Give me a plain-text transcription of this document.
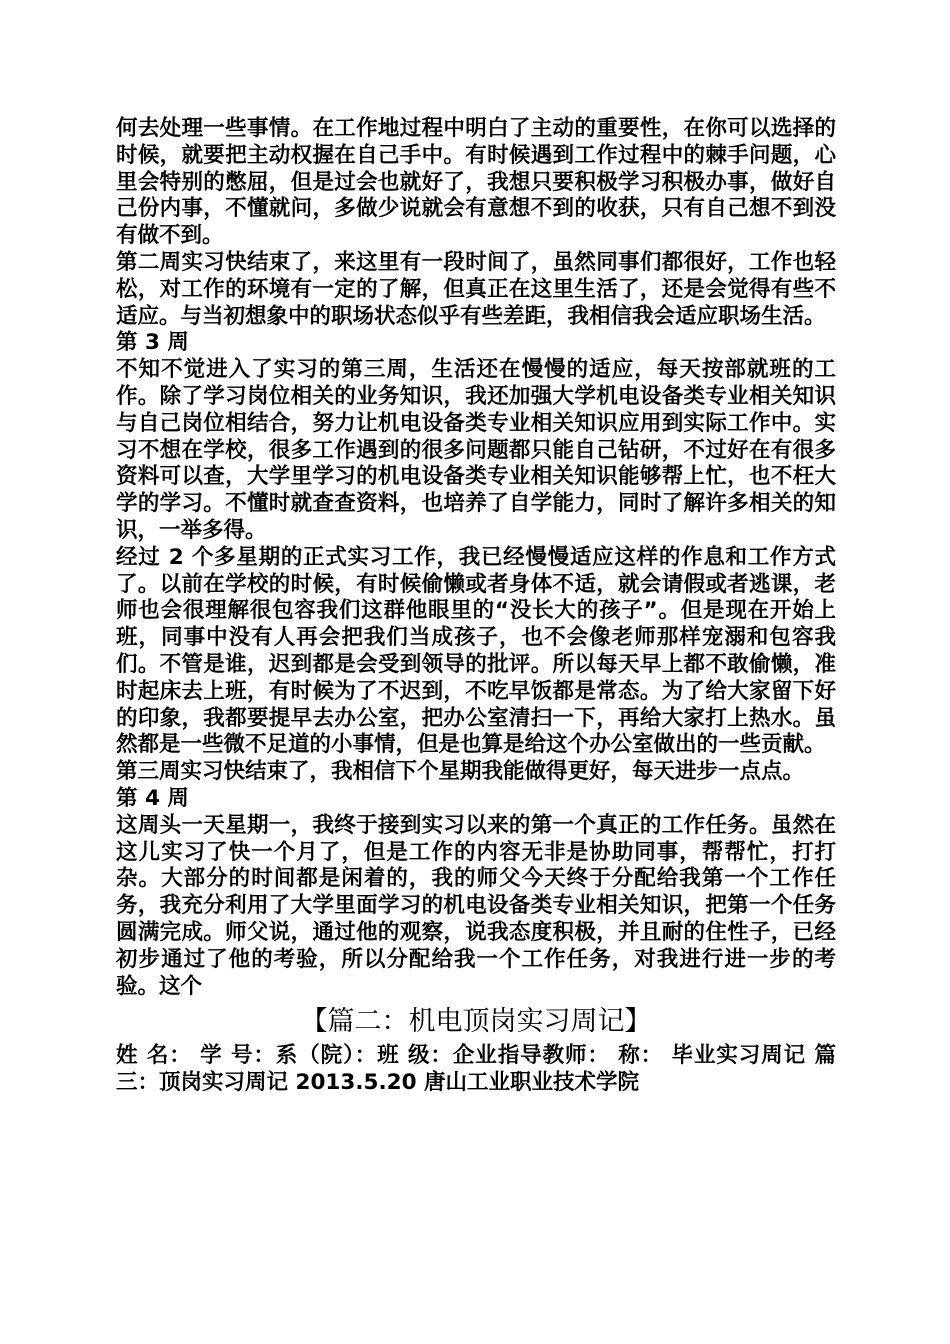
何去处理一些事情。在工作地过程中明白了主动的重要性，在你可以选择的时候，就要把主动权握在自己手中。有时候遇到工作过程中的棘手问题，心里会特别的憋屈，但是过会也就好了，我想只要积极学习积极办事，做好自己份内事，不懂就问，多做少说就会有意想不到的收获，只有自己想不到没有做不到。

第二周实习快结束了，来这里有一段时间了，虽然同事们都很好，工作也轻松，对工作的环境有一定的了解，但真正在这里生活了，还是会觉得有些不适应。与当初想象中的职场状态似乎有些差距，我相信我会适应职场生活。

第 3 周

不知不觉进入了实习的第三周，生活还在慢慢的适应，每天按部就班的工作。除了学习岗位相关的业务知识，我还加强大学机电设备类专业相关知识与自己岗位相结合，努力让机电设备类专业相关知识应用到实际工作中。实习不想在学校，很多工作遇到的很多问题都只能自己钻研，不过好在有很多资料可以查，大学里学习的机电设备类专业相关知识能够帮上忙，也不枉大学的学习。不懂时就查查资料，也培养了自学能力，同时了解许多相关的知识，一举多得。

经过 2 个多星期的正式实习工作，我已经慢慢适应这样的作息和工作方式了。以前在学校的时候，有时候偷懒或者身体不适，就会请假或者逃课，老师也会很理解很包容我们这群他眼里的“没长大的孩子”。但是现在开始上班，同事中没有人再会把我们当成孩子，也不会像老师那样宠溺和包容我们。不管是谁，迟到都是会受到领导的批评。所以每天早上都不敢偷懒，准时起床去上班，有时候为了不迟到，不吃早饭都是常态。为了给大家留下好的印象，我都要提早去办公室，把办公室清扫一下，再给大家打上热水。虽然都是一些微不足道的小事情，但是也算是给这个办公室做出的一些贡献。

第三周实习快结束了，我相信下个星期我能做得更好，每天进步一点点。

第 4 周

这周头一天星期一，我终于接到实习以来的第一个真正的工作任务。虽然在这儿实习了快一个月了，但是工作的内容无非是协助同事，帮帮忙，打打杂。大部分的时间都是闲着的，我的师父今天终于分配给我第一个工作任务，我充分利用了大学里面学习的机电设备类专业相关知识，把第一个任务圆满完成。师父说，通过他的观察，说我态度积极，并且耐的住性子，已经初步通过了他的考验，所以分配给我一个工作任务，对我进行进一步的考验。这个

【篇二：机电顶岗实习周记】

姓 名： 学 号：系（院）：班 级：企业指导教师： 称： 毕业实习周记 篇三：顶岗实习周记 2013.5.20 唐山工业职业技术学院
